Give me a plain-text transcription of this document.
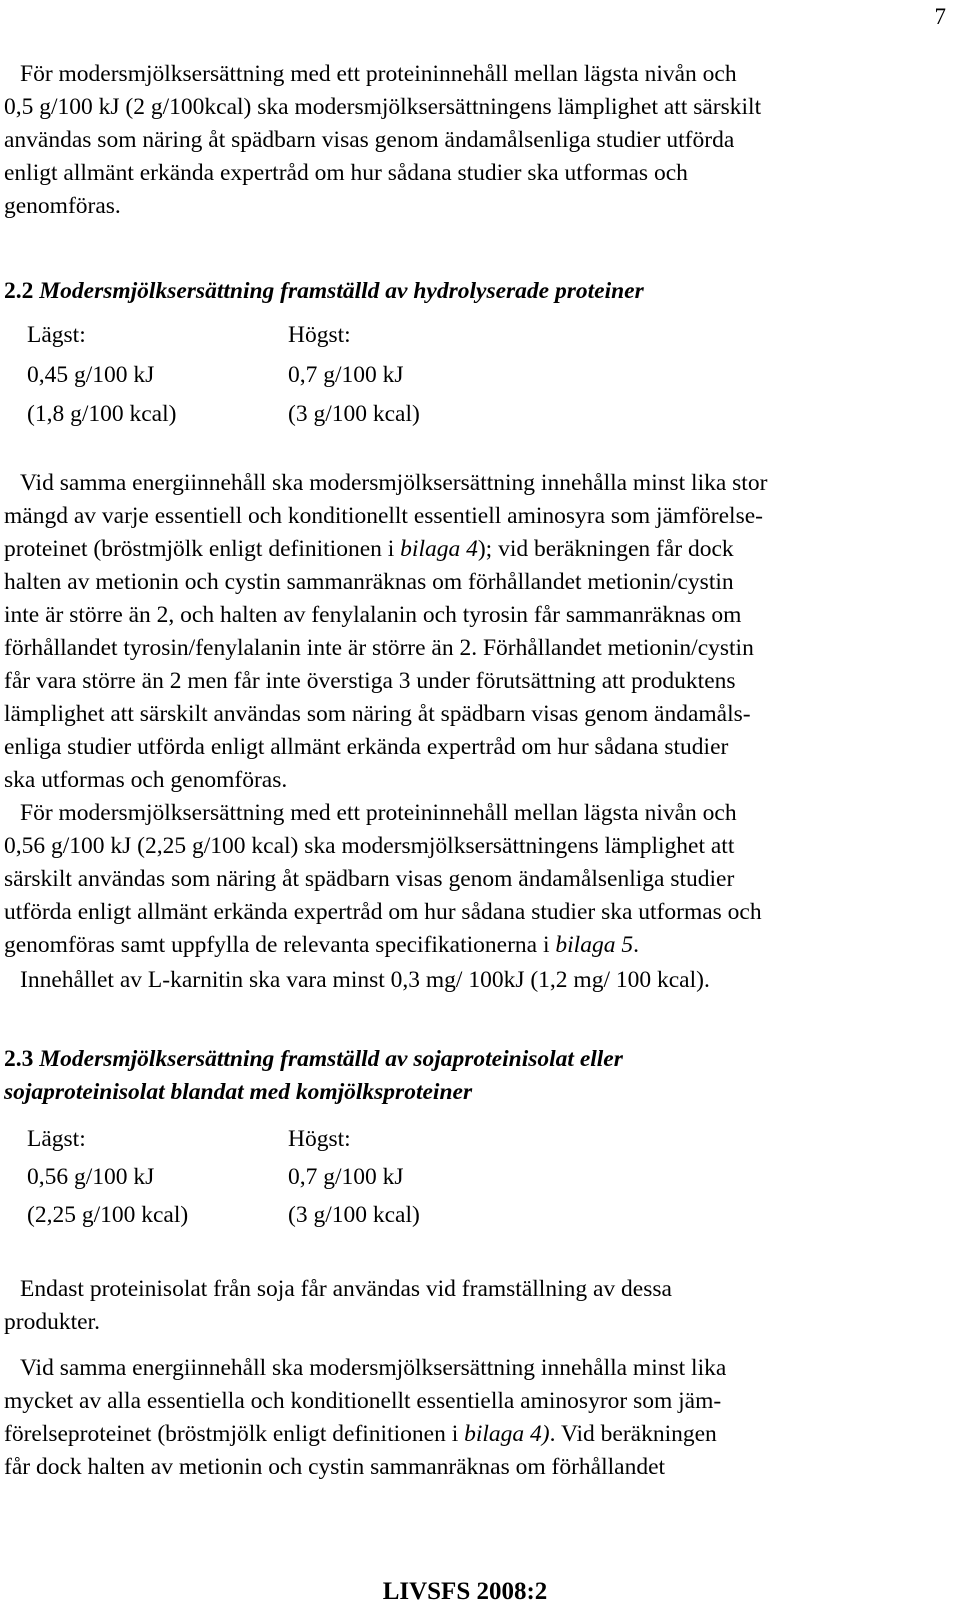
7
För modersmjölksersättning med ett proteininnehåll mellan lägsta nivån och
0,5 g/100 kJ (2 g/100kcal) ska modersmjölksersättningens lämplighet att särskilt
användas som näring åt spädbarn visas genom ändamålsenliga studier utförda
enligt allmänt erkända expertråd om hur sådana studier ska utformas och
genomföras.
2.2 Modersmjölksersättning framställd av hydrolyserade proteiner
Lägst:	Högst:
0,45 g/100 kJ	0,7 g/100 kJ
(1,8 g/100 kcal)	(3 g/100 kcal)
Vid samma energiinnehåll ska modersmjölksersättning innehålla minst lika stor
mängd av varje essentiell och konditionellt essentiell aminosyra som jämförelse-
proteinet (bröstmjölk enligt definitionen i bilaga 4); vid beräkningen får dock
halten av metionin och cystin sammanräknas om förhållandet metionin/cystin
inte är större än 2, och halten av fenylalanin och tyrosin får sammanräknas om
förhållandet tyrosin/fenylalanin inte är större än 2. Förhållandet metionin/cystin
får vara större än 2 men får inte överstiga 3 under förutsättning att produktens
lämplighet att särskilt användas som näring åt spädbarn visas genom ändamåls-
enliga studier utförda enligt allmänt erkända expertråd om hur sådana studier
ska utformas och genomföras.
För modersmjölksersättning med ett proteininnehåll mellan lägsta nivån och
0,56 g/100 kJ (2,25 g/100 kcal) ska modersmjölksersättningens lämplighet att
särskilt användas som näring åt spädbarn visas genom ändamålsenliga studier
utförda enligt allmänt erkända expertråd om hur sådana studier ska utformas och
genomföras samt uppfylla de relevanta specifikationerna i bilaga 5.
Innehållet av L-karnitin ska vara minst 0,3 mg/ 100kJ (1,2 mg/ 100 kcal).
2.3 Modersmjölksersättning framställd av sojaproteinisolat eller
sojaproteinisolat blandat med komjölksproteiner
Lägst:	Högst:
0,56 g/100 kJ	0,7 g/100 kJ
(2,25 g/100 kcal)	(3 g/100 kcal)
Endast proteinisolat från soja får användas vid framställning av dessa
produkter.
Vid samma energiinnehåll ska modersmjölksersättning innehålla minst lika
mycket av alla essentiella och konditionellt essentiella aminosyror som jäm-
förelseproteinet (bröstmjölk enligt definitionen i bilaga 4). Vid beräkningen
får dock halten av metionin och cystin sammanräknas om förhållandet
LIVSFS 2008:2
